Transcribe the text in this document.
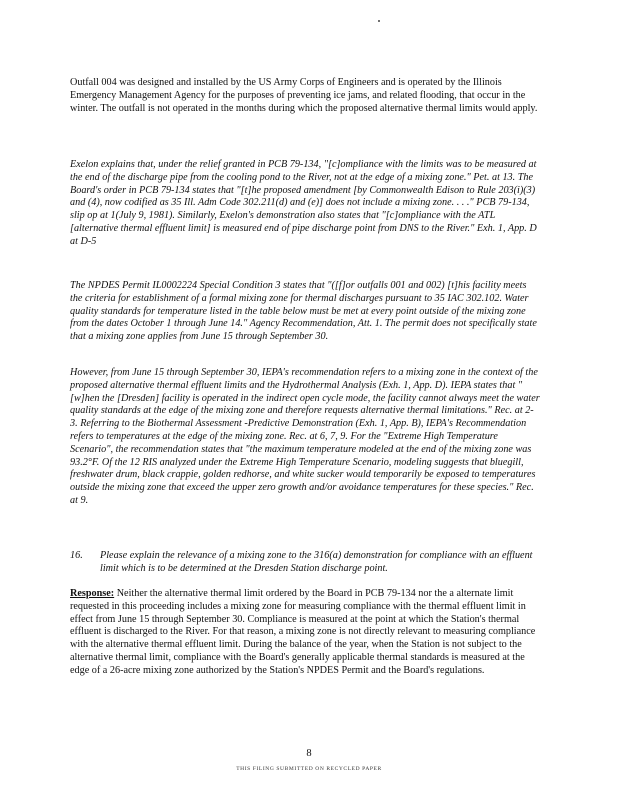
Outfall 004 was designed and installed by the US Army Corps of Engineers and is operated by the Illinois Emergency Management Agency for the purposes of preventing ice jams, and related flooding, that occur in the winter. The outfall is not operated in the months during which the proposed alternative thermal limits would apply.

Exelon explains that, under the relief granted in PCB 79-134, "[c]ompliance with the limits was to be measured at the end of the discharge pipe from the cooling pond to the River, not at the edge of a mixing zone." Pet. at 13. The Board's order in PCB 79-134 states that "[t]he proposed amendment [by Commonwealth Edison to Rule 203(i)(3) and (4), now codified as 35 Ill. Adm Code 302.211(d) and (e)] does not include a mixing zone. . . ." PCB 79-134, slip op at 1(July 9, 1981). Similarly, Exelon's demonstration also states that "[c]ompliance with the ATL [alternative thermal effluent limit] is measured end of pipe discharge point from DNS to the River." Exh. 1, App. D at D-5

The NPDES Permit IL0002224 Special Condition 3 states that "([f]or outfalls 001 and 002) [t]his facility meets the criteria for establishment of a formal mixing zone for thermal discharges pursuant to 35 IAC 302.102. Water quality standards for temperature listed in the table below must be met at every point outside of the mixing zone from the dates October 1 through June 14." Agency Recommendation, Att. 1. The permit does not specifically state that a mixing zone applies from June 15 through September 30.

However, from June 15 through September 30, IEPA's recommendation refers to a mixing zone in the context of the proposed alternative thermal effluent limits and the Hydrothermal Analysis (Exh. 1, App. D). IEPA states that "[w]hen the [Dresden] facility is operated in the indirect open cycle mode, the facility cannot always meet the water quality standards at the edge of the mixing zone and therefore requests alternative thermal limitations." Rec. at 2-3. Referring to the Biothermal Assessment -Predictive Demonstration (Exh. 1, App. B), IEPA's Recommendation refers to temperatures at the edge of the mixing zone. Rec. at 6, 7, 9. For the "Extreme High Temperature Scenario", the recommendation states that "the maximum temperature modeled at the end of the mixing zone was 93.2°F. Of the 12 RIS analyzed under the Extreme High Temperature Scenario, modeling suggests that bluegill, freshwater drum, black crappie, golden redhorse, and white sucker would temporarily be exposed to temperatures outside the mixing zone that exceed the upper zero growth and/or avoidance temperatures for these species." Rec. at 9.

16. Please explain the relevance of a mixing zone to the 316(a) demonstration for compliance with an effluent limit which is to be determined at the Dresden Station discharge point.

Response: Neither the alternative thermal limit ordered by the Board in PCB 79-134 nor the a alternate limit requested in this proceeding includes a mixing zone for measuring compliance with the thermal effluent limit in effect from June 15 through September 30. Compliance is measured at the point at which the Station's thermal effluent is discharged to the River. For that reason, a mixing zone is not directly relevant to measuring compliance with the alternative thermal effluent limit. During the balance of the year, when the Station is not subject to the alternative thermal limit, compliance with the Board's generally applicable thermal standards is measured at the edge of a 26-acre mixing zone authorized by the Station's NPDES Permit and the Board's regulations.

8
THIS FILING SUBMITTED ON RECYCLED PAPER
